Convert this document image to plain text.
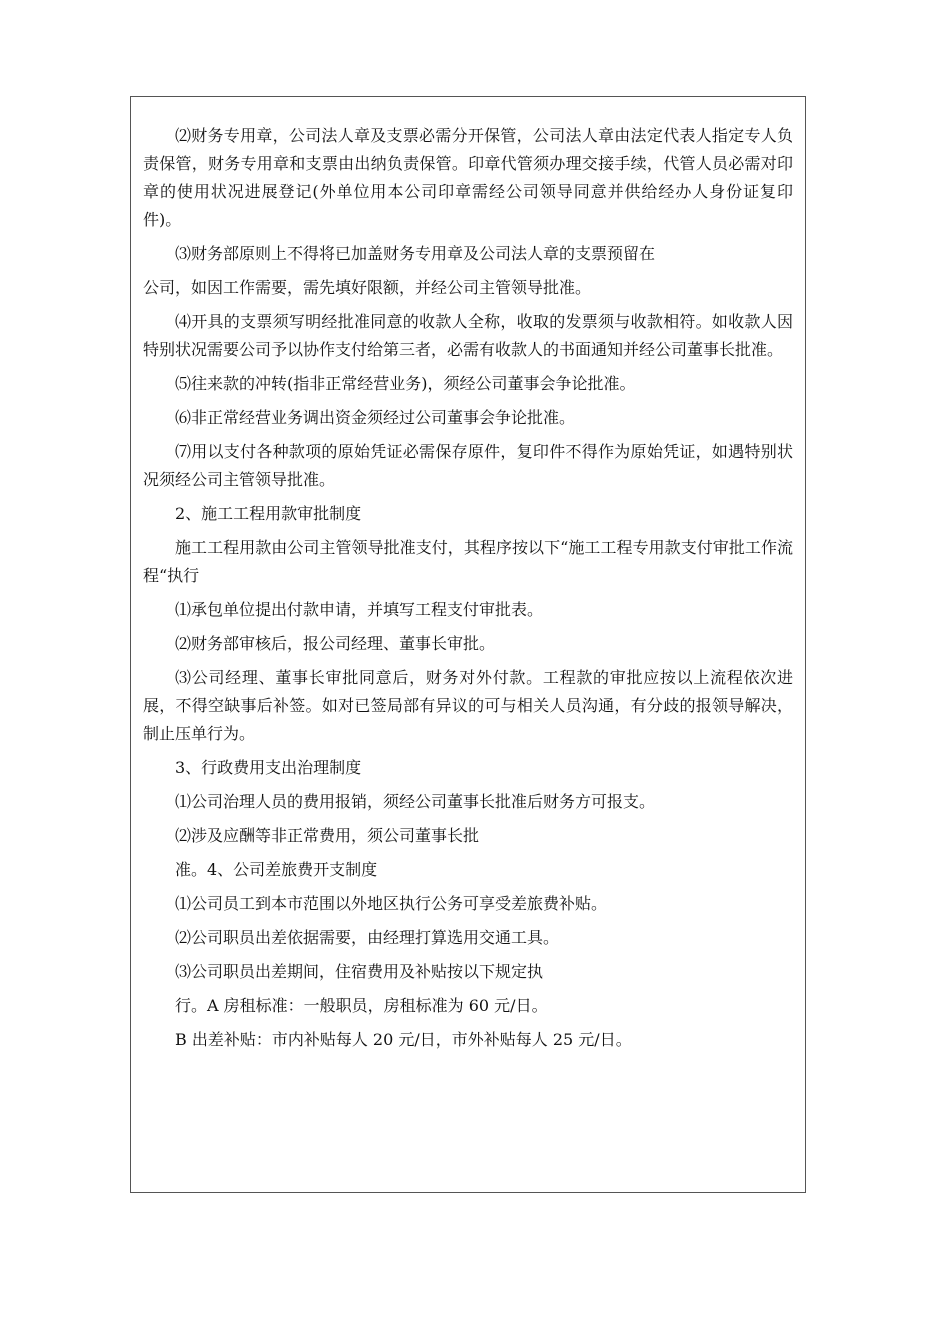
⑵财务专用章，公司法人章及支票必需分开保管，公司法人章由法定代表人指定专人负责保管，财务专用章和支票由出纳负责保管。印章代管须办理交接手续，代管人员必需对印章的使用状况进展登记(外单位用本公司印章需经公司领导同意并供给经办人身份证复印件)。

⑶财务部原则上不得将已加盖财务专用章及公司法人章的支票预留在

公司，如因工作需要，需先填好限额，并经公司主管领导批准。

⑷开具的支票须写明经批准同意的收款人全称，收取的发票须与收款相符。如收款人因特别状况需要公司予以协作支付给第三者，必需有收款人的书面通知并经公司董事长批准。

⑸往来款的冲转(指非正常经营业务)，须经公司董事会争论批准。

⑹非正常经营业务调出资金须经过公司董事会争论批准。

⑺用以支付各种款项的原始凭证必需保存原件，复印件不得作为原始凭证，如遇特别状况须经公司主管领导批准。

2、施工工程用款审批制度

施工工程用款由公司主管领导批准支付，其程序按以下“施工工程专用款支付审批工作流程“执行

⑴承包单位提出付款申请，并填写工程支付审批表。

⑵财务部审核后，报公司经理、董事长审批。

⑶公司经理、董事长审批同意后，财务对外付款。工程款的审批应按以上流程依次进展，不得空缺事后补签。如对已签局部有异议的可与相关人员沟通，有分歧的报领导解决，制止压单行为。

3、行政费用支出治理制度

⑴公司治理人员的费用报销，须经公司董事长批准后财务方可报支。

⑵涉及应酬等非正常费用，须公司董事长批

准。4、公司差旅费开支制度

⑴公司员工到本市范围以外地区执行公务可享受差旅费补贴。

⑵公司职员出差依据需要，由经理打算选用交通工具。

⑶公司职员出差期间，住宿费用及补贴按以下规定执

行。A 房租标准：一般职员，房租标准为 60 元/日。

B 出差补贴：市内补贴每人 20 元/日，市外补贴每人 25 元/日。
